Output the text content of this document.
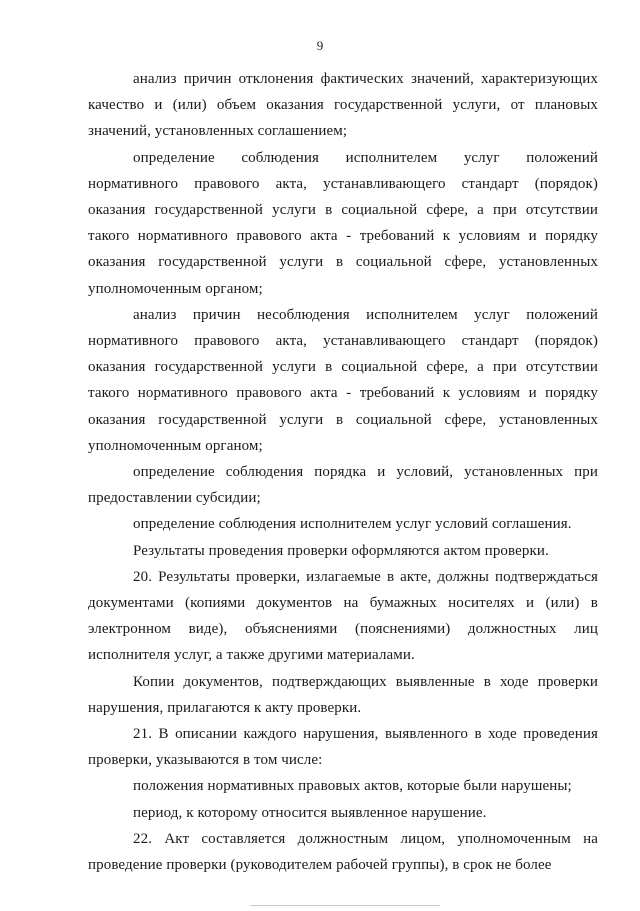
9

анализ причин отклонения фактических значений, характеризующих качество и (или) объем оказания государственной услуги, от плановых значений, установленных соглашением;

определение соблюдения исполнителем услуг положений нормативного правового акта, устанавливающего стандарт (порядок) оказания государственной услуги в социальной сфере, а при отсутствии такого нормативного правового акта - требований к условиям и порядку оказания государственной услуги в социальной сфере, установленных уполномоченным органом;

анализ причин несоблюдения исполнителем услуг положений нормативного правового акта, устанавливающего стандарт (порядок) оказания государственной услуги в социальной сфере, а при отсутствии такого нормативного правового акта - требований к условиям и порядку оказания государственной услуги в социальной сфере, установленных уполномоченным органом;

определение соблюдения порядка и условий, установленных при предоставлении субсидии;

определение соблюдения исполнителем услуг условий соглашения.

Результаты проведения проверки оформляются актом проверки.

20. Результаты проверки, излагаемые в акте, должны подтверждаться документами (копиями документов на бумажных носителях и (или) в электронном виде), объяснениями (пояснениями) должностных лиц исполнителя услуг, а также другими материалами.

Копии документов, подтверждающих выявленные в ходе проверки нарушения, прилагаются к акту проверки.

21. В описании каждого нарушения, выявленного в ходе проведения проверки, указываются в том числе:

положения нормативных правовых актов, которые были нарушены;

период, к которому относится выявленное нарушение.

22. Акт составляется должностным лицом, уполномоченным на проведение проверки (руководителем рабочей группы), в срок не более
